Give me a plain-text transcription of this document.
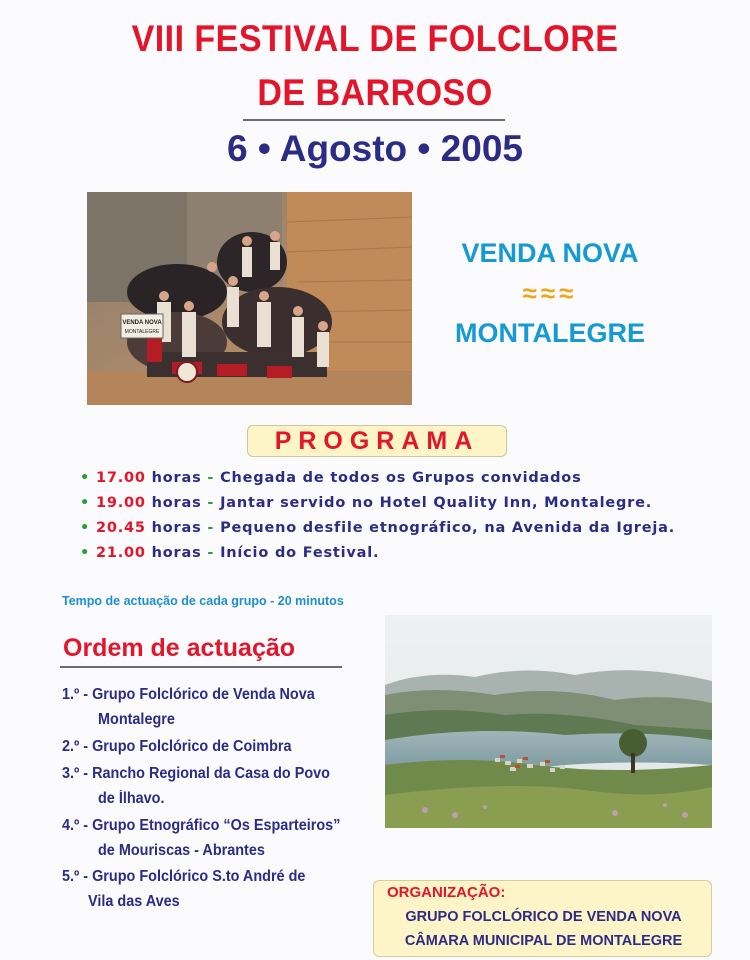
VIII FESTIVAL DE FOLCLORE
DE BARROSO
6 • Agosto • 2005
VENDA NOVA
MONTALEGRE
VENDA NOVA
≈≈≈
MONTALEGRE
PROGRAMA
• 17.00 horas - Chegada de todos os Grupos convidados
• 19.00 horas - Jantar servido no Hotel Quality Inn, Montalegre.
• 20.45 horas - Pequeno desfile etnográfico, na Avenida da Igreja.
• 21.00 horas - Início do Festival.
Tempo de actuação de cada grupo - 20 minutos
Ordem de actuação
1.º - Grupo Folclórico de Venda Nova
Montalegre
2.º - Grupo Folclórico de Coimbra
3.º - Rancho Regional da Casa do Povo
de Ílhavo.
4.º - Grupo Etnográfico “Os Esparteiros”
de Mouriscas - Abrantes
5.º - Grupo Folclórico S.to André de
Vila das Aves
ORGANIZAÇÃO:
GRUPO FOLCLÓRICO DE VENDA NOVA
CÂMARA MUNICIPAL DE MONTALEGRE
